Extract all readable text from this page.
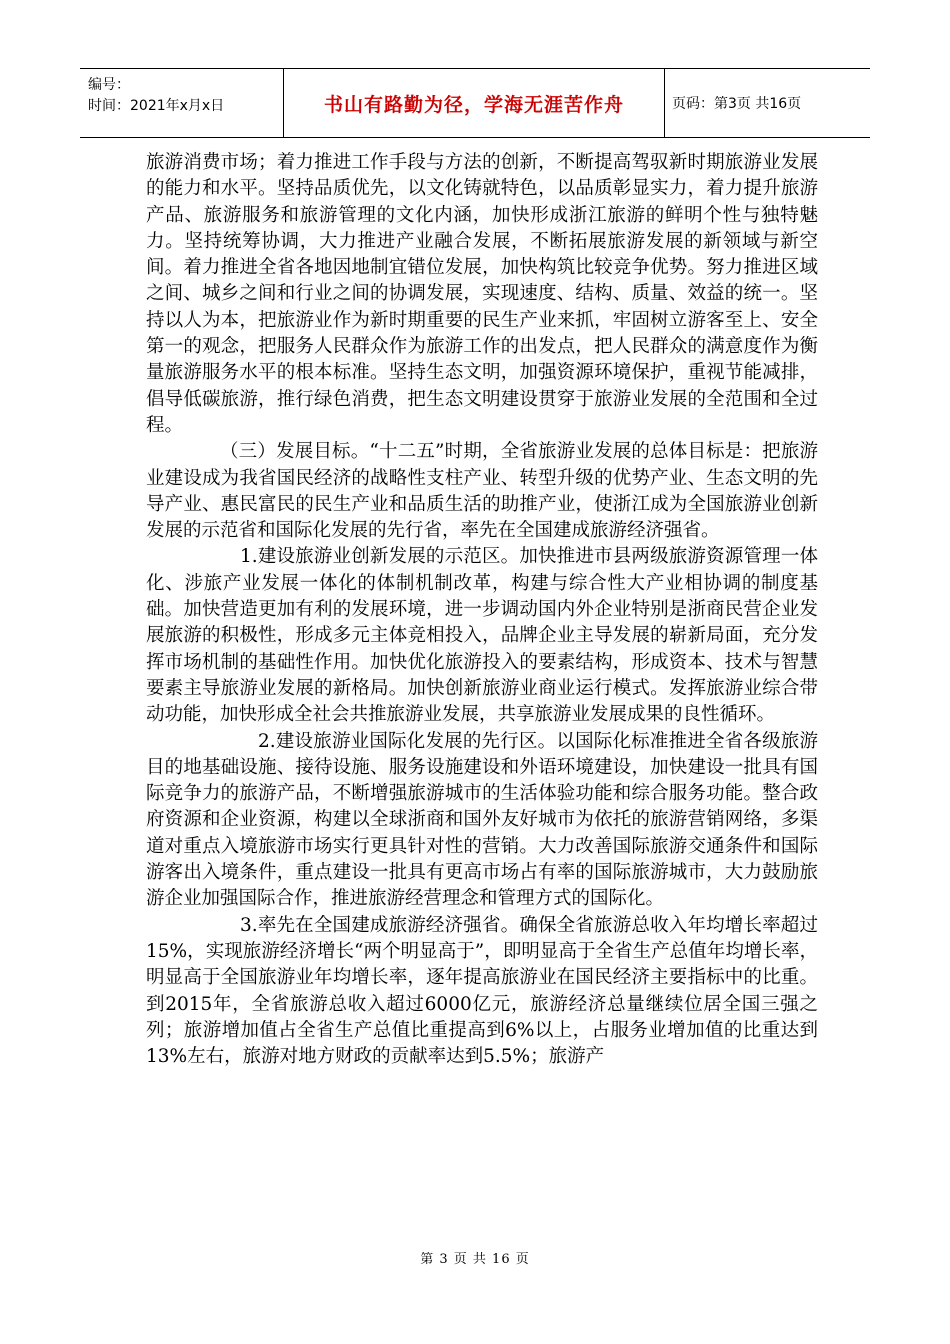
编号：
时间：2021年x月x日	书山有路勤为径，学海无涯苦作舟	页码：第3页 共16页

旅游消费市场；着力推进工作手段与方法的创新，不断提高驾驭新时期旅游业发展的能力和水平。坚持品质优先，以文化铸就特色，以品质彰显实力，着力提升旅游产品、旅游服务和旅游管理的文化内涵，加快形成浙江旅游的鲜明个性与独特魅力。坚持统筹协调，大力推进产业融合发展，不断拓展旅游发展的新领域与新空间。着力推进全省各地因地制宜错位发展，加快构筑比较竞争优势。努力推进区域之间、城乡之间和行业之间的协调发展，实现速度、结构、质量、效益的统一。坚持以人为本，把旅游业作为新时期重要的民生产业来抓，牢固树立游客至上、安全第一的观念，把服务人民群众作为旅游工作的出发点，把人民群众的满意度作为衡量旅游服务水平的根本标准。坚持生态文明，加强资源环境保护，重视节能减排，倡导低碳旅游，推行绿色消费，把生态文明建设贯穿于旅游业发展的全范围和全过程。

（三）发展目标。“十二五”时期，全省旅游业发展的总体目标是：把旅游业建设成为我省国民经济的战略性支柱产业、转型升级的优势产业、生态文明的先导产业、惠民富民的民生产业和品质生活的助推产业，使浙江成为全国旅游业创新发展的示范省和国际化发展的先行省，率先在全国建成旅游经济强省。

1.建设旅游业创新发展的示范区。加快推进市县两级旅游资源管理一体化、涉旅产业发展一体化的体制机制改革，构建与综合性大产业相协调的制度基础。加快营造更加有利的发展环境，进一步调动国内外企业特别是浙商民营企业发展旅游的积极性，形成多元主体竞相投入，品牌企业主导发展的崭新局面，充分发挥市场机制的基础性作用。加快优化旅游投入的要素结构，形成资本、技术与智慧要素主导旅游业发展的新格局。加快创新旅游业商业运行模式。发挥旅游业综合带动功能，加快形成全社会共推旅游业发展，共享旅游业发展成果的良性循环。

2.建设旅游业国际化发展的先行区。以国际化标准推进全省各级旅游目的地基础设施、接待设施、服务设施建设和外语环境建设，加快建设一批具有国际竞争力的旅游产品，不断增强旅游城市的生活体验功能和综合服务功能。整合政府资源和企业资源，构建以全球浙商和国外友好城市为依托的旅游营销网络，多渠道对重点入境旅游市场实行更具针对性的营销。大力改善国际旅游交通条件和国际游客出入境条件，重点建设一批具有更高市场占有率的国际旅游城市，大力鼓励旅游企业加强国际合作，推进旅游经营理念和管理方式的国际化。

3.率先在全国建成旅游经济强省。确保全省旅游总收入年均增长率超过15%，实现旅游经济增长“两个明显高于”，即明显高于全省生产总值年均增长率，明显高于全国旅游业年均增长率，逐年提高旅游业在国民经济主要指标中的比重。到2015年，全省旅游总收入超过6000亿元，旅游经济总量继续位居全国三强之列；旅游增加值占全省生产总值比重提高到6%以上，占服务业增加值的比重达到13%左右，旅游对地方财政的贡献率达到5.5%；旅游产

第 3 页 共 16 页
